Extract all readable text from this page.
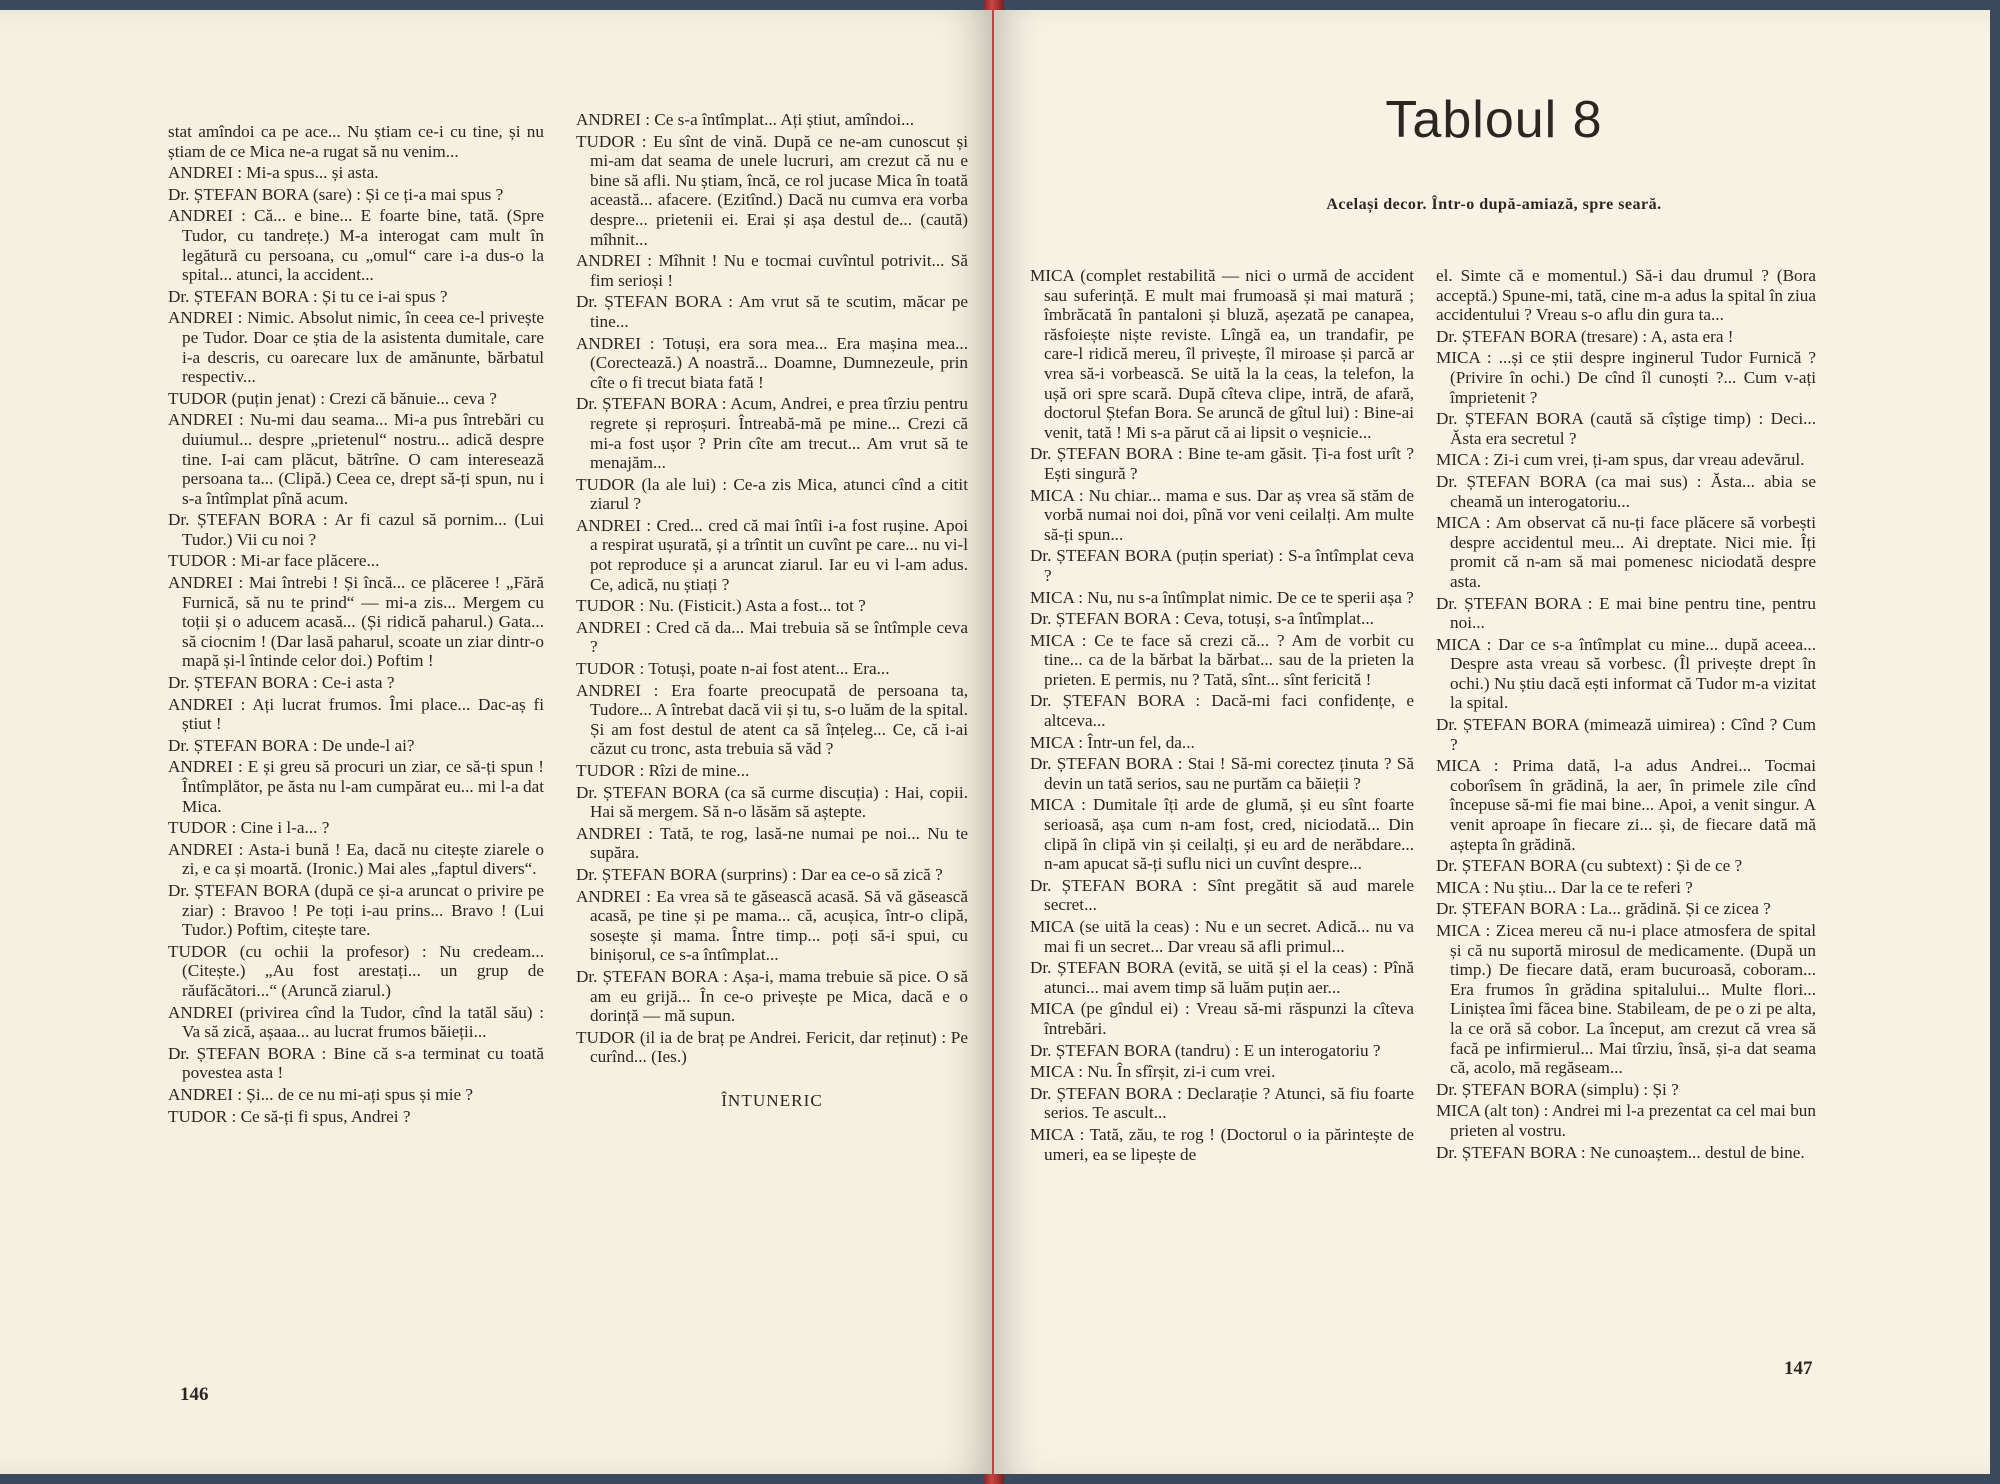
stat amîndoi ca pe ace... Nu știam ce-i cu tine, și nu știam de ce Mica ne-a rugat să nu venim...

ANDREI : Mi-a spus... și asta.

Dr. ȘTEFAN BORA (sare) : Și ce ți-a mai spus ?

ANDREI : Că... e bine... E foarte bine, tată. (Spre Tudor, cu tandrețe.) M-a interogat cam mult în legătură cu persoana, cu „omul“ care i-a dus-o la spital... atunci, la accident...

Dr. ȘTEFAN BORA : Și tu ce i-ai spus ?

ANDREI : Nimic. Absolut nimic, în ceea ce-l privește pe Tudor. Doar ce știa de la asistenta dumitale, care i-a descris, cu oarecare lux de amănunte, bărbatul respectiv...

TUDOR (puțin jenat) : Crezi că bănuie... ceva ?

ANDREI : Nu-mi dau seama... Mi-a pus întrebări cu duiumul... despre „prietenul“ nostru... adică despre tine. I-ai cam plăcut, bătrîne. O cam interesează persoana ta... (Clipă.) Ceea ce, drept să-ți spun, nu i s-a întîmplat pînă acum.

Dr. ȘTEFAN BORA : Ar fi cazul să pornim... (Lui Tudor.) Vii cu noi ?

TUDOR : Mi-ar face plăcere...

ANDREI : Mai întrebi ! Și încă... ce plăceree ! „Fără Furnică, să nu te prind“ — mi-a zis... Mergem cu toții și o aducem acasă... (Și ridică paharul.) Gata... să ciocnim ! (Dar lasă paharul, scoate un ziar dintr-o mapă și-l întinde celor doi.) Poftim !

Dr. ȘTEFAN BORA : Ce-i asta ?

ANDREI : Ați lucrat frumos. Îmi place... Dac-aș fi știut !

Dr. ȘTEFAN BORA : De unde-l ai?

ANDREI : E și greu să procuri un ziar, ce să-ți spun ! Întîmplător, pe ăsta nu l-am cumpărat eu... mi l-a dat Mica.

TUDOR : Cine i l-a... ?

ANDREI : Asta-i bună ! Ea, dacă nu citește ziarele o zi, e ca și moartă. (Ironic.) Mai ales „faptul divers“.

Dr. ȘTEFAN BORA (după ce și-a aruncat o privire pe ziar) : Bravoo ! Pe toți i-au prins... Bravo ! (Lui Tudor.) Poftim, citește tare.

TUDOR (cu ochii la profesor) : Nu credeam... (Citește.) „Au fost arestați... un grup de răufăcători...“ (Aruncă ziarul.)

ANDREI (privirea cînd la Tudor, cînd la tatăl său) : Va să zică, așaaa... au lucrat frumos băieții...

Dr. ȘTEFAN BORA : Bine că s-a terminat cu toată povestea asta !

ANDREI : Și... de ce nu mi-ați spus și mie ?

TUDOR : Ce să-ți fi spus, Andrei ?

ANDREI : Ce s-a întîmplat... Ați știut, amîndoi...

TUDOR : Eu sînt de vină. După ce ne-am cunoscut și mi-am dat seama de unele lucruri, am crezut că nu e bine să afli. Nu știam, încă, ce rol jucase Mica în toată această... afacere. (Ezitînd.) Dacă nu cumva era vorba despre... prietenii ei. Erai și așa destul de... (caută) mîhnit...

ANDREI : Mîhnit ! Nu e tocmai cuvîntul potrivit... Să fim serioși !

Dr. ȘTEFAN BORA : Am vrut să te scutim, măcar pe tine...

ANDREI : Totuși, era sora mea... Era mașina mea... (Corectează.) A noastră... Doamne, Dumnezeule, prin cîte o fi trecut biata fată !

Dr. ȘTEFAN BORA : Acum, Andrei, e prea tîrziu pentru regrete și reproșuri. Întreabă-mă pe mine... Crezi că mi-a fost ușor ? Prin cîte am trecut... Am vrut să te menajăm...

TUDOR (la ale lui) : Ce-a zis Mica, atunci cînd a citit ziarul ?

ANDREI : Cred... cred că mai întîi i-a fost rușine. Apoi a respirat ușurată, și a trîntit un cuvînt pe care... nu vi-l pot reproduce și a aruncat ziarul. Iar eu vi l-am adus. Ce, adică, nu știați ?

TUDOR : Nu. (Fisticit.) Asta a fost... tot ?

ANDREI : Cred că da... Mai trebuia să se întîmple ceva ?

TUDOR : Totuși, poate n-ai fost atent... Era...

ANDREI : Era foarte preocupată de persoana ta, Tudore... A întrebat dacă vii și tu, s-o luăm de la spital. Și am fost destul de atent ca să înțeleg... Ce, că i-ai căzut cu tronc, asta trebuia să văd ?

TUDOR : Rîzi de mine...

Dr. ȘTEFAN BORA (ca să curme discuția) : Hai, copii. Hai să mergem. Să n-o lăsăm să aștepte.

ANDREI : Tată, te rog, lasă-ne numai pe noi... Nu te supăra.

Dr. ȘTEFAN BORA (surprins) : Dar ea ce-o să zică ?

ANDREI : Ea vrea să te găsească acasă. Să vă găsească acasă, pe tine și pe mama... că, acușica, într-o clipă, sosește și mama. Între timp... poți să-i spui, cu binișorul, ce s-a întîmplat...

Dr. ȘTEFAN BORA : Așa-i, mama trebuie să pice. O să am eu grijă... În ce-o privește pe Mica, dacă e o dorință — mă supun.

TUDOR (il ia de braț pe Andrei. Fericit, dar reținut) : Pe curînd... (Ies.)

ÎNTUNERIC

146
Tabloul 8
Același decor. Într-o după-amiază, spre seară.

MICA (complet restabilită — nici o urmă de accident sau suferință. E mult mai frumoasă și mai matură ; îmbrăcată în pantaloni și bluză, așezată pe canapea, răsfoiește niște reviste. Lîngă ea, un trandafir, pe care-l ridică mereu, îl privește, îl miroase și parcă ar vrea să-i vorbească. Se uită la la ceas, la telefon, la ușă ori spre scară. După cîteva clipe, intră, de afară, doctorul Ștefan Bora. Se aruncă de gîtul lui) : Bine-ai venit, tată ! Mi s-a părut că ai lipsit o veșnicie...

Dr. ȘTEFAN BORA : Bine te-am găsit. Ți-a fost urît ? Ești singură ?

MICA : Nu chiar... mama e sus. Dar aș vrea să stăm de vorbă numai noi doi, pînă vor veni ceilalți. Am multe să-ți spun...

Dr. ȘTEFAN BORA (puțin speriat) : S-a întîmplat ceva ?

MICA : Nu, nu s-a întîmplat nimic. De ce te sperii așa ?

Dr. ȘTEFAN BORA : Ceva, totuși, s-a întîmplat...

MICA : Ce te face să crezi că... ? Am de vorbit cu tine... ca de la bărbat la bărbat... sau de la prieten la prieten. E permis, nu ? Tată, sînt... sînt fericită !

Dr. ȘTEFAN BORA : Dacă-mi faci confidențe, e altceva...

MICA : Într-un fel, da...

Dr. ȘTEFAN BORA : Stai ! Să-mi corectez ținuta ? Să devin un tată serios, sau ne purtăm ca băieții ?

MICA : Dumitale îți arde de glumă, și eu sînt foarte serioasă, așa cum n-am fost, cred, niciodată... Din clipă în clipă vin și ceilalți, și eu ard de nerăbdare... n-am apucat să-ți suflu nici un cuvînt despre...

Dr. ȘTEFAN BORA : Sînt pregătit să aud marele secret...

MICA (se uită la ceas) : Nu e un secret. Adică... nu va mai fi un secret... Dar vreau să afli primul...

Dr. ȘTEFAN BORA (evită, se uită și el la ceas) : Pînă atunci... mai avem timp să luăm puțin aer...

MICA (pe gîndul ei) : Vreau să-mi răspunzi la cîteva întrebări.

Dr. ȘTEFAN BORA (tandru) : E un interogatoriu ?

MICA : Nu. În sfîrșit, zi-i cum vrei.

Dr. ȘTEFAN BORA : Declarație ? Atunci, să fiu foarte serios. Te ascult...

MICA : Tată, zău, te rog ! (Doctorul o ia părintește de umeri, ea se lipește de

el. Simte că e momentul.) Să-i dau drumul ? (Bora acceptă.) Spune-mi, tată, cine m-a adus la spital în ziua accidentului ? Vreau s-o aflu din gura ta...

Dr. ȘTEFAN BORA (tresare) : A, asta era !

MICA : ...și ce știi despre inginerul Tudor Furnică ? (Privire în ochi.) De cînd îl cunoști ?... Cum v-ați împrietenit ?

Dr. ȘTEFAN BORA (caută să cîștige timp) : Deci... Ăsta era secretul ?

MICA : Zi-i cum vrei, ți-am spus, dar vreau adevărul.

Dr. ȘTEFAN BORA (ca mai sus) : Ăsta... abia se cheamă un interogatoriu...

MICA : Am observat că nu-ți face plăcere să vorbești despre accidentul meu... Ai dreptate. Nici mie. Îți promit că n-am să mai pomenesc niciodată despre asta.

Dr. ȘTEFAN BORA : E mai bine pentru tine, pentru noi...

MICA : Dar ce s-a întîmplat cu mine... după aceea... Despre asta vreau să vorbesc. (Îl privește drept în ochi.) Nu știu dacă ești informat că Tudor m-a vizitat la spital.

Dr. ȘTEFAN BORA (mimează uimirea) : Cînd ? Cum ?

MICA : Prima dată, l-a adus Andrei... Tocmai coborîsem în grădină, la aer, în primele zile cînd începuse să-mi fie mai bine... Apoi, a venit singur. A venit aproape în fiecare zi... și, de fiecare dată mă aștepta în grădină.

Dr. ȘTEFAN BORA (cu subtext) : Și de ce ?

MICA : Nu știu... Dar la ce te referi ?

Dr. ȘTEFAN BORA : La... grădină. Și ce zicea ?

MICA : Zicea mereu că nu-i place atmosfera de spital și că nu suportă mirosul de medicamente. (După un timp.) De fiecare dată, eram bucuroasă, coboram... Era frumos în grădina spitalului... Multe flori... Liniștea îmi făcea bine. Stabileam, de pe o zi pe alta, la ce oră să cobor. La început, am crezut că vrea să facă pe infirmierul... Mai tîrziu, însă, și-a dat seama că, acolo, mă regăseam...

Dr. ȘTEFAN BORA (simplu) : Și ?

MICA (alt ton) : Andrei mi l-a prezentat ca cel mai bun prieten al vostru.

Dr. ȘTEFAN BORA : Ne cunoaștem... destul de bine.

147
